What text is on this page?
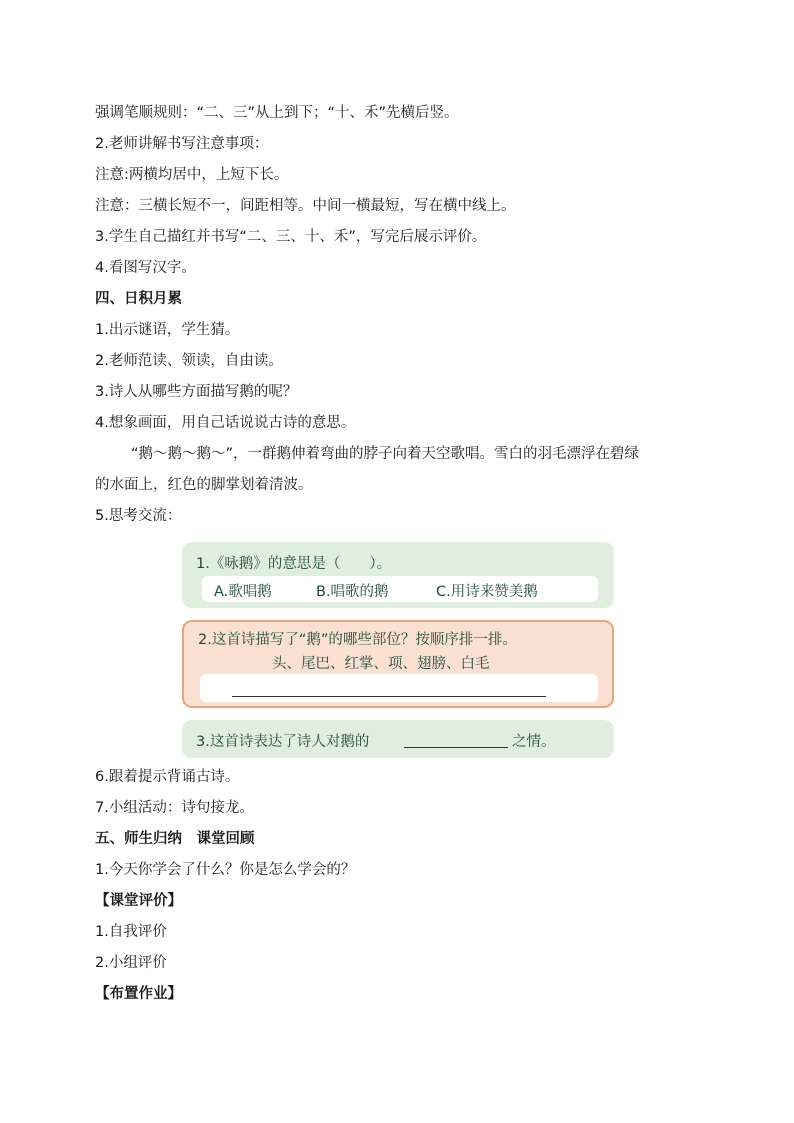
强调笔顺规则：“二、三”从上到下；“十、禾”先横后竖。
2.老师讲解书写注意事项：
注意:两横均居中，上短下长。
注意：三横长短不一，间距相等。中间一横最短，写在横中线上。
3.学生自己描红并书写“二、三、十、禾”，写完后展示评价。
4.看图写汉字。
四、日积月累
1.出示谜语，学生猜。
2.老师范读、领读，自由读。
3.诗人从哪些方面描写鹅的呢？
4.想象画面，用自己话说说古诗的意思。
“鹅～鹅～鹅～”，一群鹅伸着弯曲的脖子向着天空歌唱。雪白的羽毛漂浮在碧绿
的水面上，红色的脚掌划着清波。
5.思考交流：
1.《咏鹅》的意思是（　　）。
A.歌唱鹅	B.唱歌的鹅	C.用诗来赞美鹅
2.这首诗描写了“鹅”的哪些部位？按顺序排一排。
头、尾巴、红掌、项、翅膀、白毛
3.这首诗表达了诗人对鹅的	之情。
6.跟着提示背诵古诗。
7.小组活动：诗句接龙。
五、师生归纳　课堂回顾
1.今天你学会了什么？你是怎么学会的？
【课堂评价】
1.自我评价
2.小组评价
【布置作业】
